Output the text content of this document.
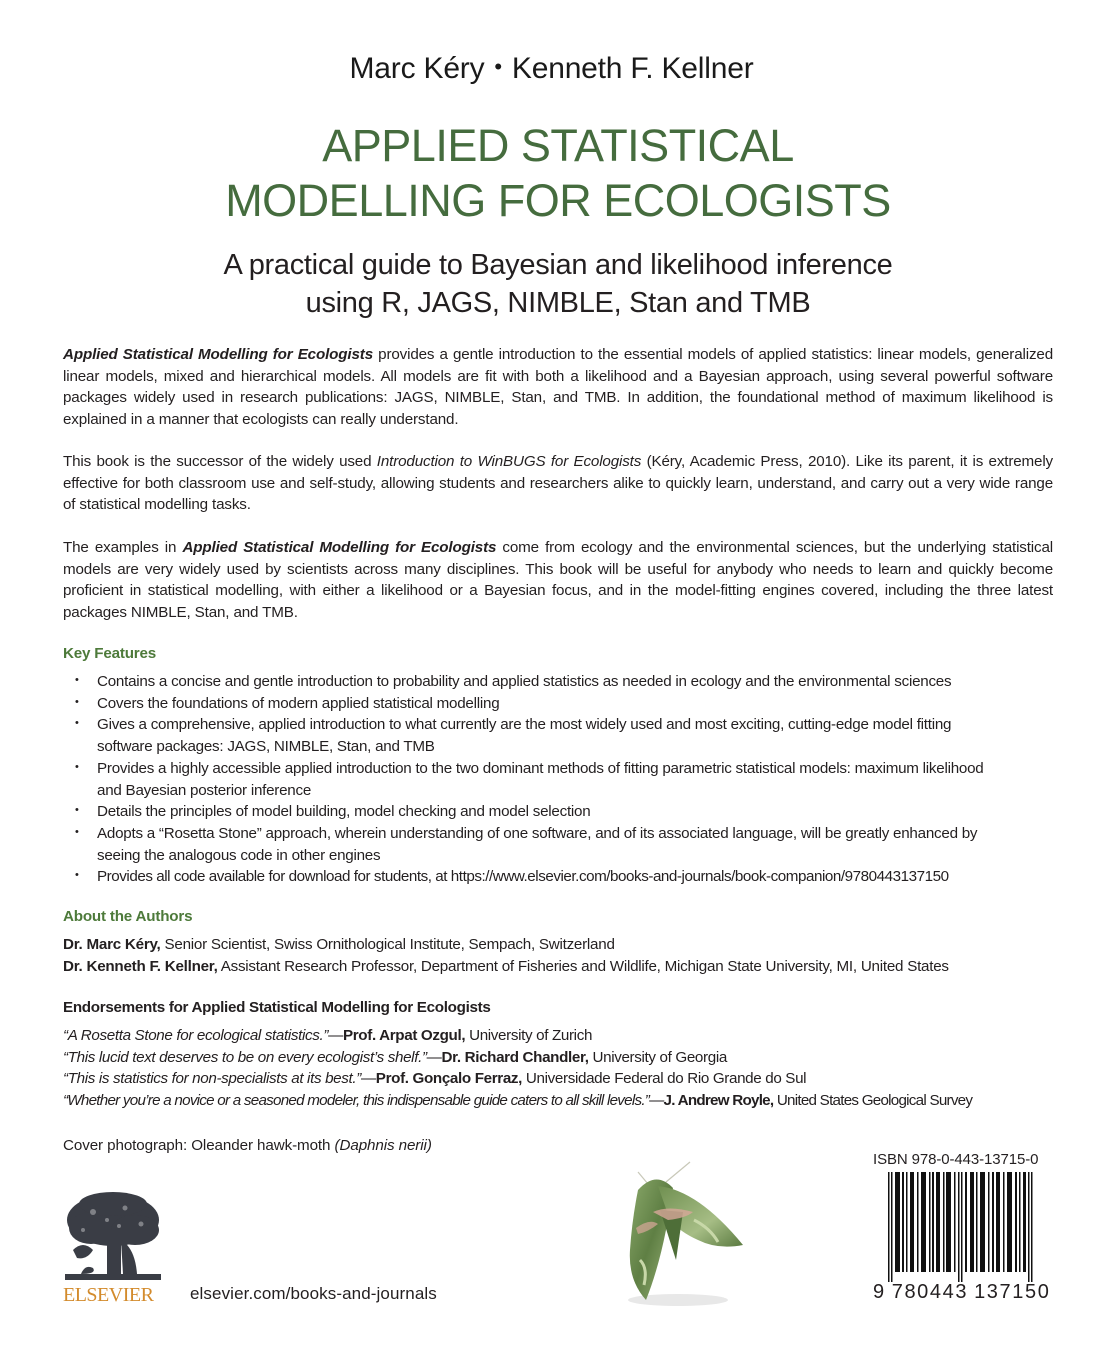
Marc Kéry • Kenneth F. Kellner
APPLIED STATISTICAL
MODELLING FOR ECOLOGISTS
A practical guide to Bayesian and likelihood inference
using R, JAGS, NIMBLE, Stan and TMB

Applied Statistical Modelling for Ecologists provides a gentle introduction to the essential models of applied statistics: linear models, generalized linear models, mixed and hierarchical models. All models are fit with both a likelihood and a Bayesian approach, using several powerful software packages widely used in research publications: JAGS, NIMBLE, Stan, and TMB. In addition, the foundational method of maximum likelihood is explained in a manner that ecologists can really understand.

This book is the successor of the widely used Introduction to WinBUGS for Ecologists (Kéry, Academic Press, 2010). Like its parent, it is extremely effective for both classroom use and self-study, allowing students and researchers alike to quickly learn, understand, and carry out a very wide range of statistical modelling tasks.

The examples in Applied Statistical Modelling for Ecologists come from ecology and the environmental sciences, but the underlying statistical models are very widely used by scientists across many disciplines. This book will be useful for anybody who needs to learn and quickly become proficient in statistical modelling, with either a likelihood or a Bayesian focus, and in the model-fitting engines covered, including the three latest packages NIMBLE, Stan, and TMB.

Key Features
• Contains a concise and gentle introduction to probability and applied statistics as needed in ecology and the environmental sciences
• Covers the foundations of modern applied statistical modelling
• Gives a comprehensive, applied introduction to what currently are the most widely used and most exciting, cutting-edge model fitting software packages: JAGS, NIMBLE, Stan, and TMB
• Provides a highly accessible applied introduction to the two dominant methods of fitting parametric statistical models: maximum likelihood and Bayesian posterior inference
• Details the principles of model building, model checking and model selection
• Adopts a “Rosetta Stone” approach, wherein understanding of one software, and of its associated language, will be greatly enhanced by seeing the analogous code in other engines
• Provides all code available for download for students, at https://www.elsevier.com/books-and-journals/book-companion/9780443137150
About the Authors
Dr. Marc Kéry, Senior Scientist, Swiss Ornithological Institute, Sempach, Switzerland
Dr. Kenneth F. Kellner, Assistant Research Professor, Department of Fisheries and Wildlife, Michigan State University, MI, United States
Endorsements for Applied Statistical Modelling for Ecologists
“A Rosetta Stone for ecological statistics.”—Prof. Arpat Ozgul, University of Zurich
“This lucid text deserves to be on every ecologist’s shelf.”—Dr. Richard Chandler, University of Georgia
“This is statistics for non-specialists at its best.”—Prof. Gonçalo Ferraz, Universidade Federal do Rio Grande do Sul
“Whether you’re a novice or a seasoned modeler, this indispensable guide caters to all skill levels.”—J. Andrew Royle, United States Geological Survey
Cover photograph: Oleander hawk-moth (Daphnis nerii)
ELSEVIER elsevier.com/books-and-journals
ISBN 978-0-443-13715-0
9 780443 137150
